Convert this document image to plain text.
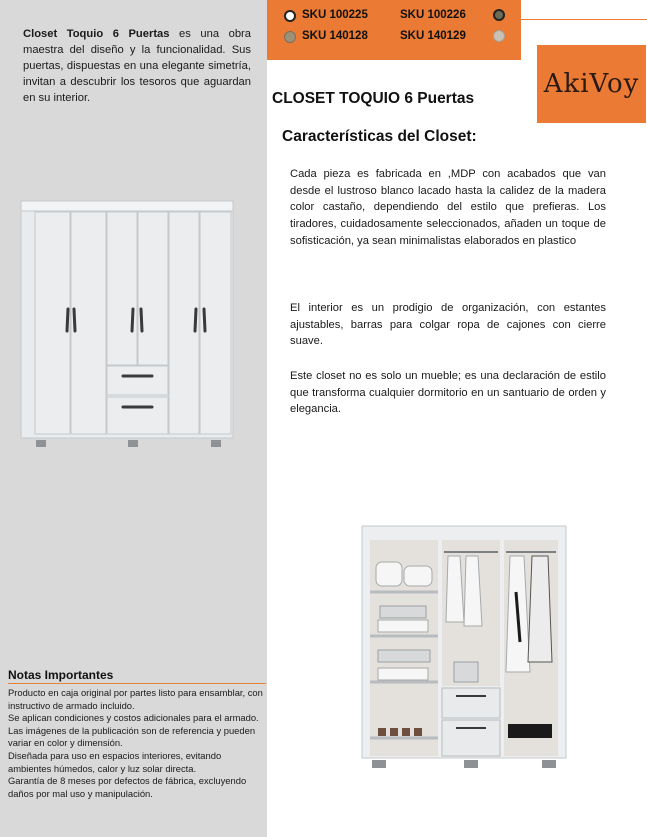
Closet Toquio 6 Puertas es una obra maestra del diseño y la funcionalidad. Sus puertas, dispuestas en una elegante simetría, invitan a descubrir los tesoros que aguardan en su interior.

Notas Importantes
Producto en caja original por partes listo para ensamblar, con instructivo de armado incluido.
Se aplican condiciones y costos adicionales para el armado.
Las imágenes de la publicación son de referencia y pueden variar en color y dimensión.
Diseñada para uso en espacios interiores, evitando ambientes húmedos, calor y luz solar directa.
Garantía de 8 meses por defectos de fábrica, excluyendo daños por mal uso y manipulación.
SKU 100225	SKU 100226
SKU 140128	SKU 140129
AkiVoy
CLOSET TOQUIO 6 Puertas
Características del Closet:

Cada pieza es fabricada en ,MDP con acabados que van desde el lustroso blanco lacado hasta la calidez de la madera color castaño, dependiendo del estilo que prefieras. Los tiradores, cuidadosamente seleccionados, añaden un toque de sofisticación, ya sean minimalistas elaborados en plastico

El interior es un prodigio de organización, con estantes ajustables, barras para colgar ropa de cajones con cierre suave.

Este closet no es solo un mueble; es una declaración de estilo que transforma cualquier dormitorio en un santuario de orden y elegancia.
